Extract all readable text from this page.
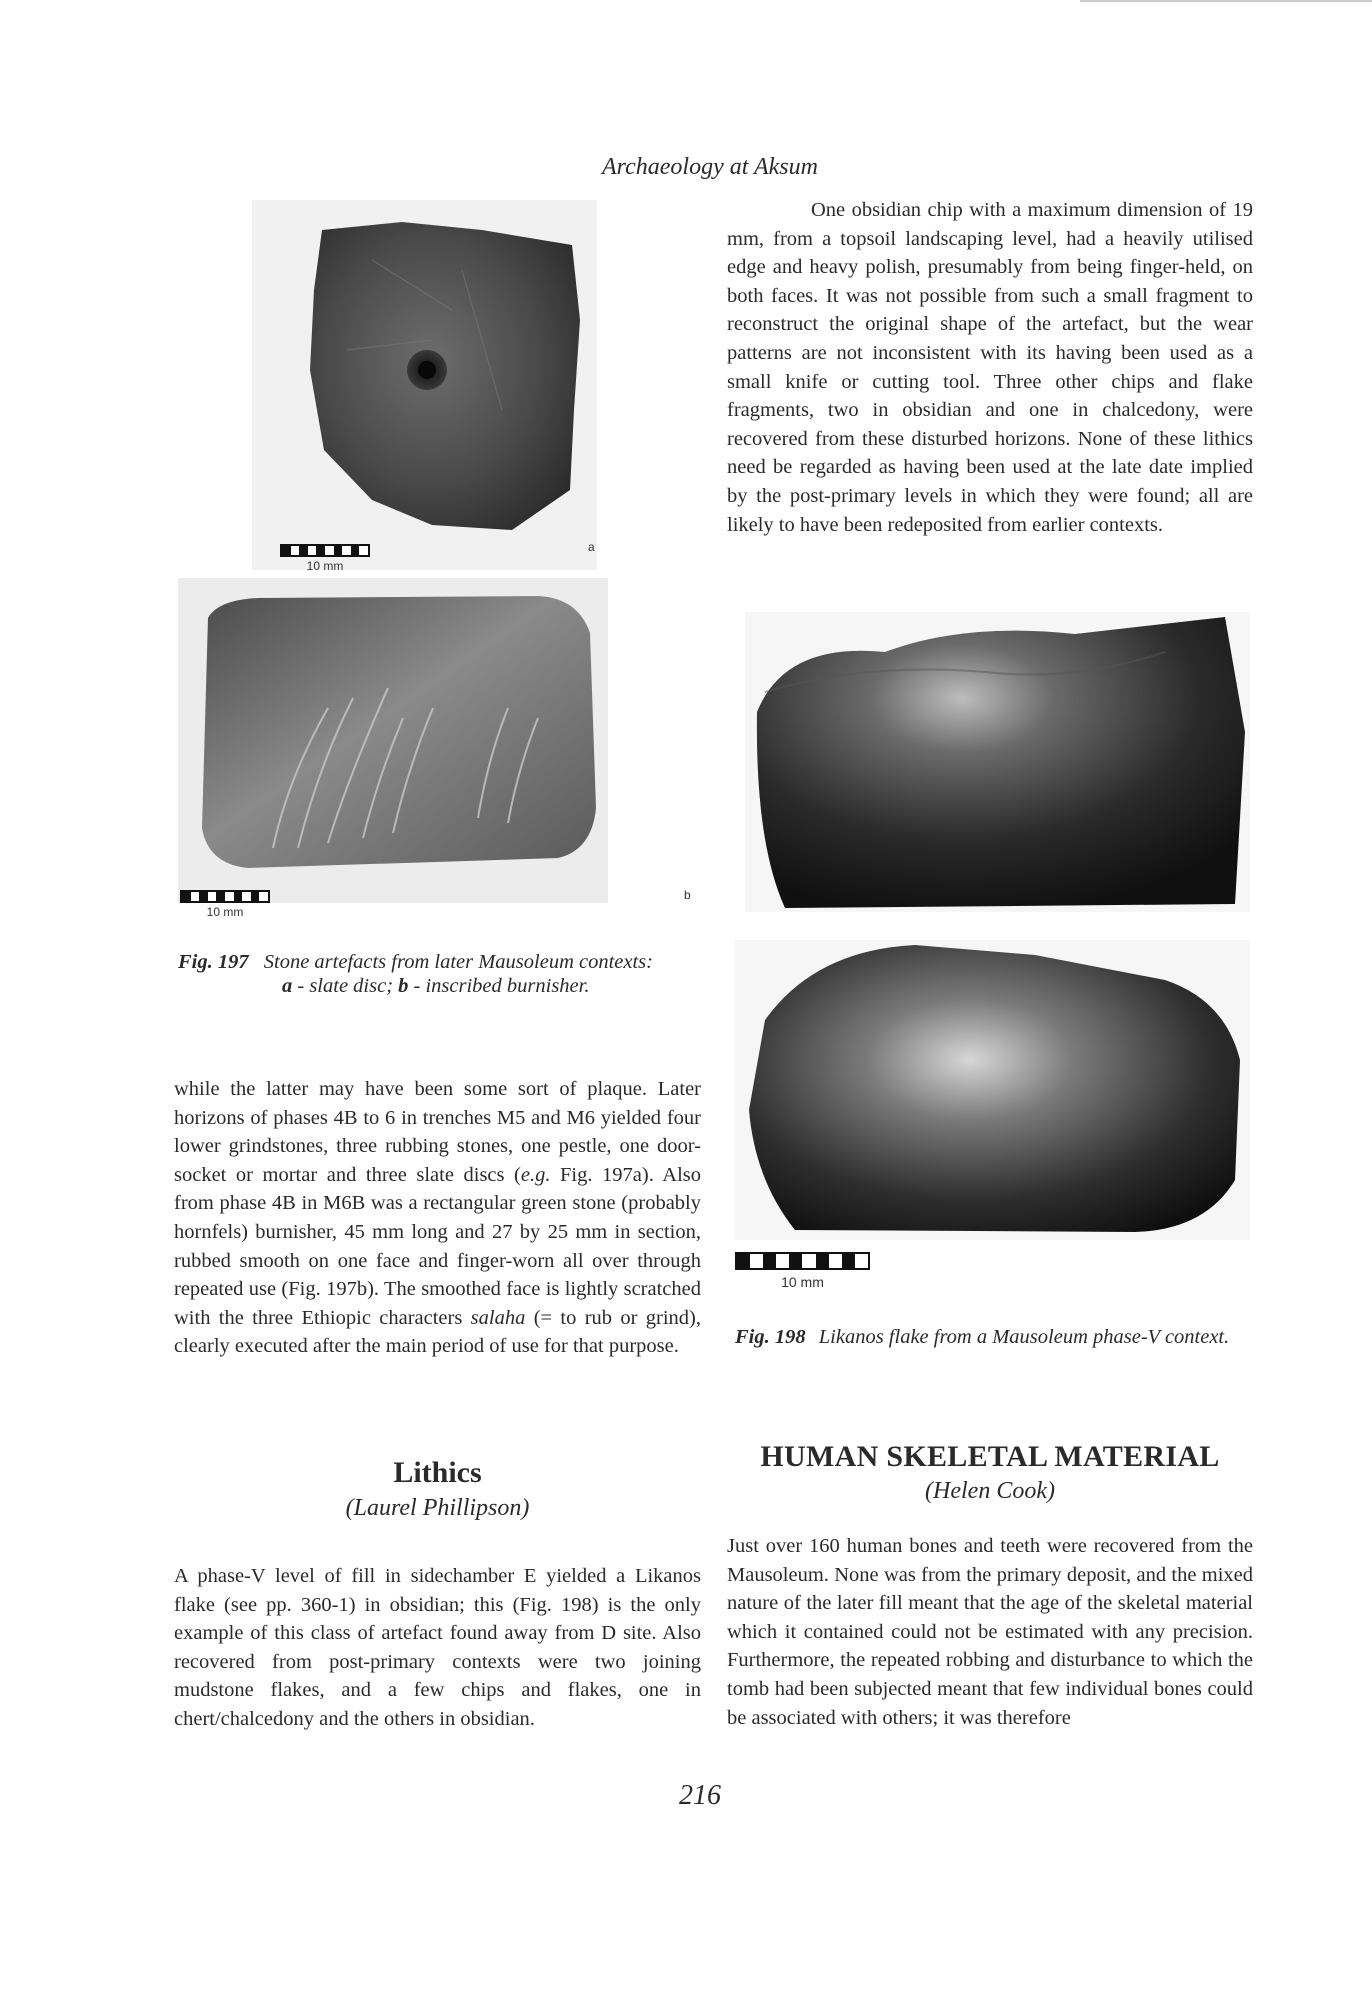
Archaeology at Aksum
10 mm
a
10 mm
b
Fig. 197 Stone artefacts from later Mausoleum contexts:
a - slate disc; b - inscribed burnisher.
10 mm
Fig. 198 Likanos flake from a Mausoleum phase-V context.

One obsidian chip with a maximum dimension of 19 mm, from a topsoil landscaping level, had a heavily utilised edge and heavy polish, presumably from being finger-held, on both faces. It was not possible from such a small fragment to reconstruct the original shape of the artefact, but the wear patterns are not inconsistent with its having been used as a small knife or cutting tool. Three other chips and flake fragments, two in obsidian and one in chalcedony, were recovered from these disturbed horizons. None of these lithics need be regarded as having been used at the late date implied by the post-primary levels in which they were found; all are likely to have been redeposited from earlier contexts.

while the latter may have been some sort of plaque. Later horizons of phases 4B to 6 in trenches M5 and M6 yielded four lower grindstones, three rubbing stones, one pestle, one door-socket or mortar and three slate discs (e.g. Fig. 197a). Also from phase 4B in M6B was a rectangular green stone (probably hornfels) burnisher, 45 mm long and 27 by 25 mm in section, rubbed smooth on one face and finger-worn all over through repeated use (Fig. 197b). The smoothed face is lightly scratched with the three Ethiopic characters salaha (= to rub or grind), clearly executed after the main period of use for that purpose.

Lithics
(Laurel Phillipson)

A phase-V level of fill in sidechamber E yielded a Likanos flake (see pp. 360-1) in obsidian; this (Fig. 198) is the only example of this class of artefact found away from D site. Also recovered from post-primary contexts were two joining mudstone flakes, and a few chips and flakes, one in chert/chalcedony and the others in obsidian.

HUMAN SKELETAL MATERIAL
(Helen Cook)

Just over 160 human bones and teeth were recovered from the Mausoleum. None was from the primary deposit, and the mixed nature of the later fill meant that the age of the skeletal material which it contained could not be estimated with any precision. Furthermore, the repeated robbing and disturbance to which the tomb had been subjected meant that few individual bones could be associated with others; it was therefore

216
